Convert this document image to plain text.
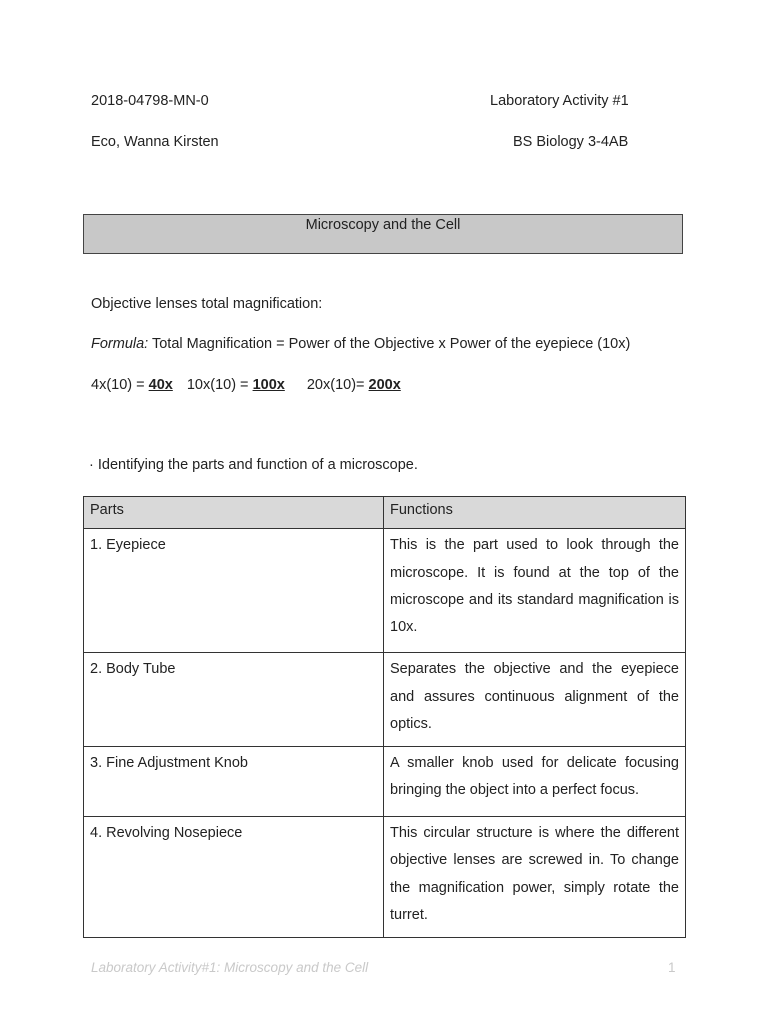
2018-04798-MN-0	Laboratory Activity #1
Eco, Wanna Kirsten	BS Biology 3-4AB
Microscopy and the Cell
Objective lenses total magnification:
Formula: Total Magnification = Power of the Objective x Power of the eyepiece (10x)
4x(10) = 40x 10x(10) = 100x 20x(10)= 200x
· Identifying the parts and function of a microscope.
Parts	Functions
1. Eyepiece	This is the part used to look through the microscope. It is found at the top of the microscope and its standard magnification is 10x.
2. Body Tube	Separates the objective and the eyepiece and assures continuous alignment of the optics.
3. Fine Adjustment Knob	A smaller knob used for delicate focusing bringing the object into a perfect focus.
4. Revolving Nosepiece	This circular structure is where the different objective lenses are screwed in. To change the magnification power, simply rotate the turret.
Laboratory Activity#1: Microscopy and the Cell	1
